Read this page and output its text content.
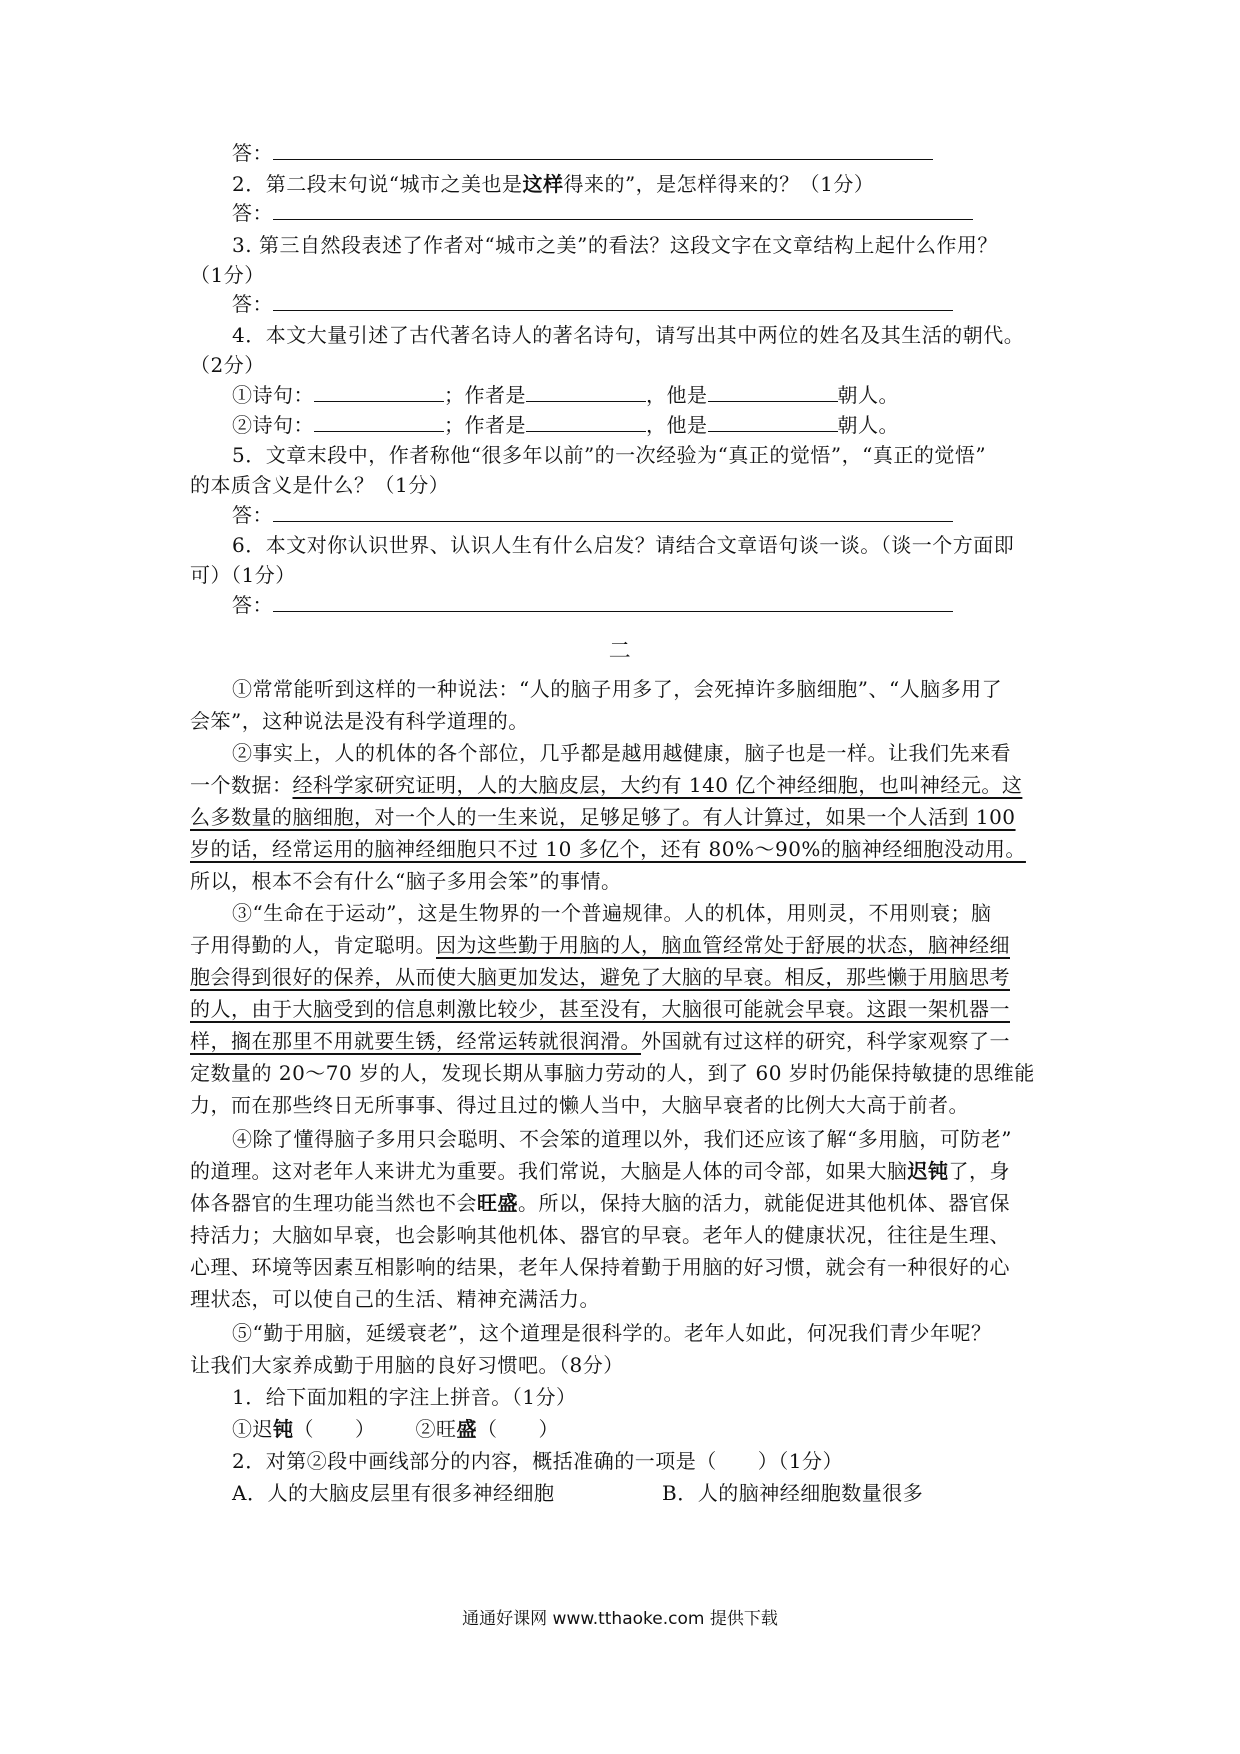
答：
2．第二段末句说“城市之美也是这样得来的”，是怎样得来的？（1分）
答：
3. 第三自然段表述了作者对“城市之美”的看法？这段文字在文章结构上起什么作用？
（1分）
答：
4．本文大量引述了古代著名诗人的著名诗句，请写出其中两位的姓名及其生活的朝代。
（2分）
①诗句：	；作者是	，他是	朝人。
②诗句：	；作者是	，他是	朝人。
5．文章末段中，作者称他“很多年以前”的一次经验为“真正的觉悟”，“真正的觉悟”
的本质含义是什么？（1分）
答：
6．本文对你认识世界、认识人生有什么启发？请结合文章语句谈一谈。（谈一个方面即
可）（1分）
答：
二
①常常能听到这样的一种说法：“人的脑子用多了，会死掉许多脑细胞”、“人脑多用了
会笨”，这种说法是没有科学道理的。
②事实上，人的机体的各个部位，几乎都是越用越健康，脑子也是一样。让我们先来看
一个数据：经科学家研究证明，人的大脑皮层，大约有 140 亿个神经细胞，也叫神经元。这
么多数量的脑细胞，对一个人的一生来说，足够足够了。有人计算过，如果一个人活到 100
岁的话，经常运用的脑神经细胞只不过 10 多亿个，还有 80%～90%的脑神经细胞没动用。
所以，根本不会有什么“脑子多用会笨”的事情。
③“生命在于运动”，这是生物界的一个普遍规律。人的机体，用则灵，不用则衰；脑
子用得勤的人，肯定聪明。因为这些勤于用脑的人，脑血管经常处于舒展的状态，脑神经细
胞会得到很好的保养，从而使大脑更加发达，避免了大脑的早衰。相反，那些懒于用脑思考
的人，由于大脑受到的信息刺激比较少，甚至没有，大脑很可能就会早衰。这跟一架机器一
样，搁在那里不用就要生锈，经常运转就很润滑。外国就有过这样的研究，科学家观察了一
定数量的 20～70 岁的人，发现长期从事脑力劳动的人，到了 60 岁时仍能保持敏捷的思维能
力，而在那些终日无所事事、得过且过的懒人当中，大脑早衰者的比例大大高于前者。
④除了懂得脑子多用只会聪明、不会笨的道理以外，我们还应该了解“多用脑，可防老”
的道理。这对老年人来讲尤为重要。我们常说，大脑是人体的司令部，如果大脑迟钝了，身
体各器官的生理功能当然也不会旺盛。所以，保持大脑的活力，就能促进其他机体、器官保
持活力；大脑如早衰，也会影响其他机体、器官的早衰。老年人的健康状况，往往是生理、
心理、环境等因素互相影响的结果，老年人保持着勤于用脑的好习惯，就会有一种很好的心
理状态，可以使自己的生活、精神充满活力。
⑤“勤于用脑，延缓衰老”，这个道理是很科学的。老年人如此，何况我们青少年呢？
让我们大家养成勤于用脑的良好习惯吧。（8分）
1．给下面加粗的字注上拼音。（1分）
①迟钝（　　） ②旺盛（　　）
2．对第②段中画线部分的内容，概括准确的一项是（　　）（1分）
A．人的大脑皮层里有很多神经细胞	B．人的脑神经细胞数量很多
通通好课网 www.tthaoke.com 提供下载
